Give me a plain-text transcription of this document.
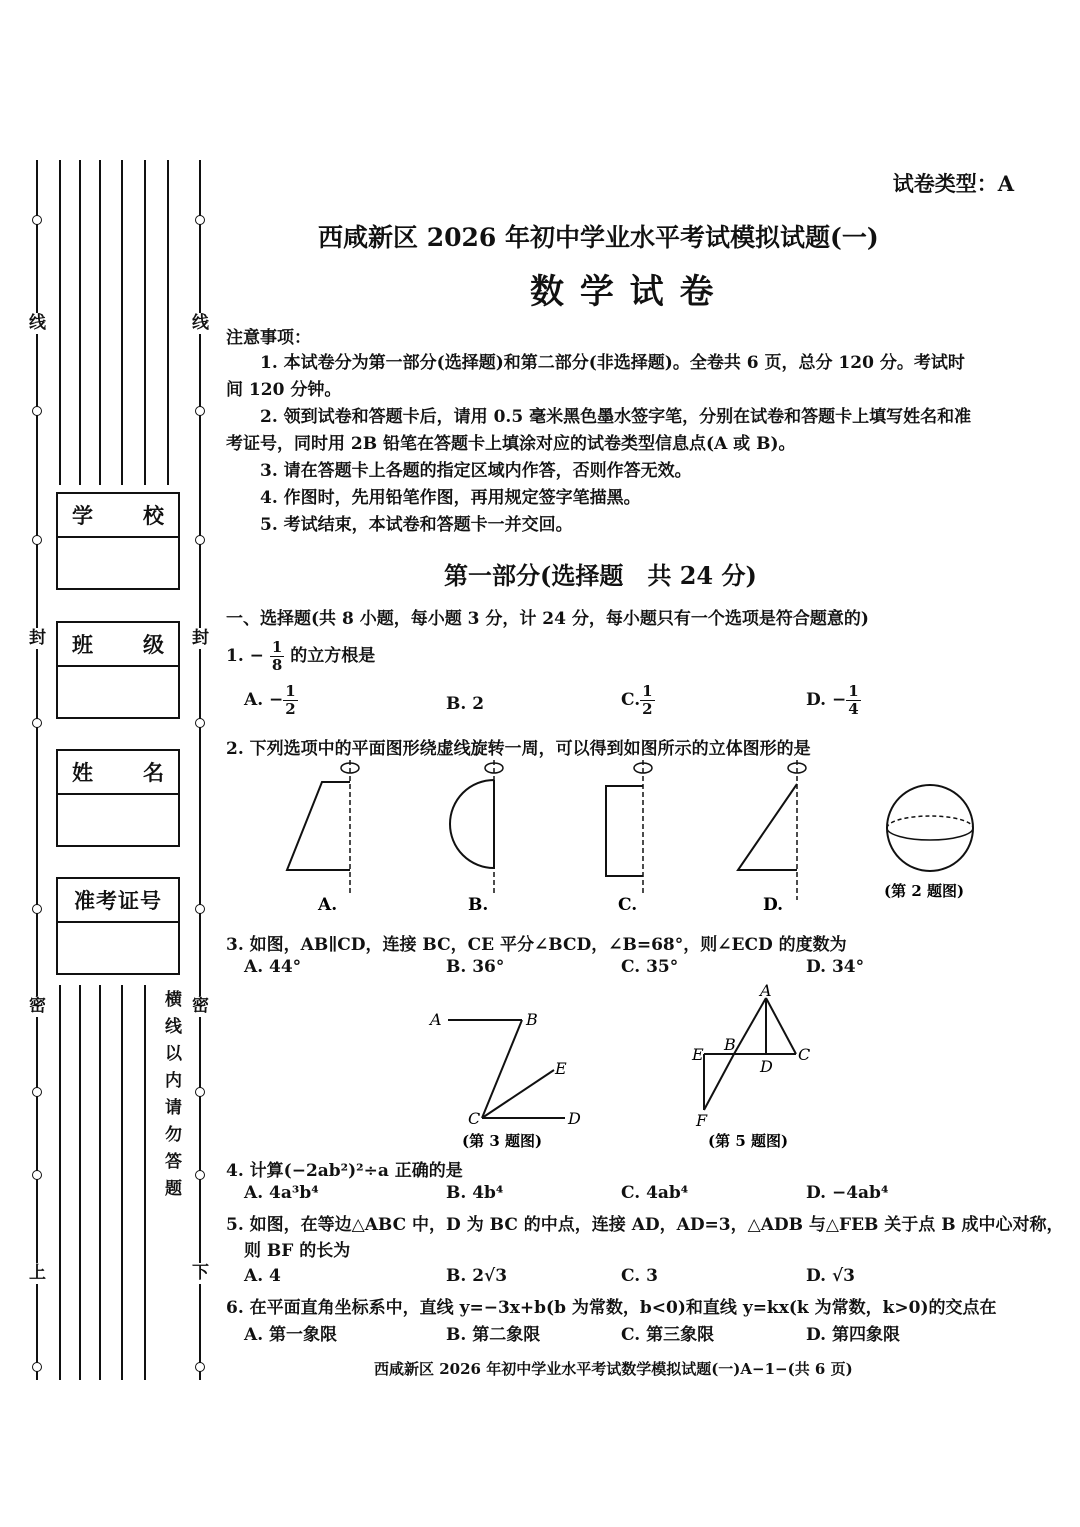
线
封
密
上
线
封
密
下
横线以内请勿答题
学 校
班 级
姓 名
准考证号
试卷类型：A
西咸新区 2026 年初中学业水平考试模拟试题(一)
数 学 试 卷
注意事项：
1. 本试卷分为第一部分(选择题)和第二部分(非选择题)。全卷共 6 页，总分 120 分。考试时
间 120 分钟。
2. 领到试卷和答题卡后，请用 0.5 毫米黑色墨水签字笔，分别在试卷和答题卡上填写姓名和准
考证号，同时用 2B 铅笔在答题卡上填涂对应的试卷类型信息点(A 或 B)。
3. 请在答题卡上各题的指定区域内作答，否则作答无效。
4. 作图时，先用铅笔作图，再用规定签字笔描黑。
5. 考试结束，本试卷和答题卡一并交回。
第一部分(选择题　共 24 分)
一、选择题(共 8 小题，每小题 3 分，计 24 分，每小题只有一个选项是符合题意的)
1. − $\frac{1}{8}$ 的立方根是
A. − $\frac{1}{2}$	B. 2	C. $\frac{1}{2}$	D. − $\frac{1}{4}$
2. 下列选项中的平面图形绕虚线旋转一周，可以得到如图所示的立体图形的是
A.	B.	C.	D.
(第 2 题图)
3. 如图，AB∥CD，连接 BC，CE 平分∠BCD，∠B=68°，则∠ECD 的度数为
A. 44°	B. 36°	C. 35°	D. 34°
A	B
C	D
E
(第 3 题图)
A
B
C
D
E
F
(第 5 题图)
4. 计算(−2ab²)²÷a 正确的是
A. 4a³b⁴	B. 4b⁴	C. 4ab⁴	D. −4ab⁴
5. 如图，在等边△ABC 中，D 为 BC 的中点，连接 AD，AD=3，△ADB 与△FEB 关于点 B 成中心对称，
则 BF 的长为
A. 4	B. 2√3	C. 3	D. √3
6. 在平面直角坐标系中，直线 y=−3x+b(b 为常数，b<0)和直线 y=kx(k 为常数，k>0)的交点在
A. 第一象限	B. 第二象限	C. 第三象限	D. 第四象限
西咸新区 2026 年初中学业水平考试数学模拟试题(一)A−1−(共 6 页)
